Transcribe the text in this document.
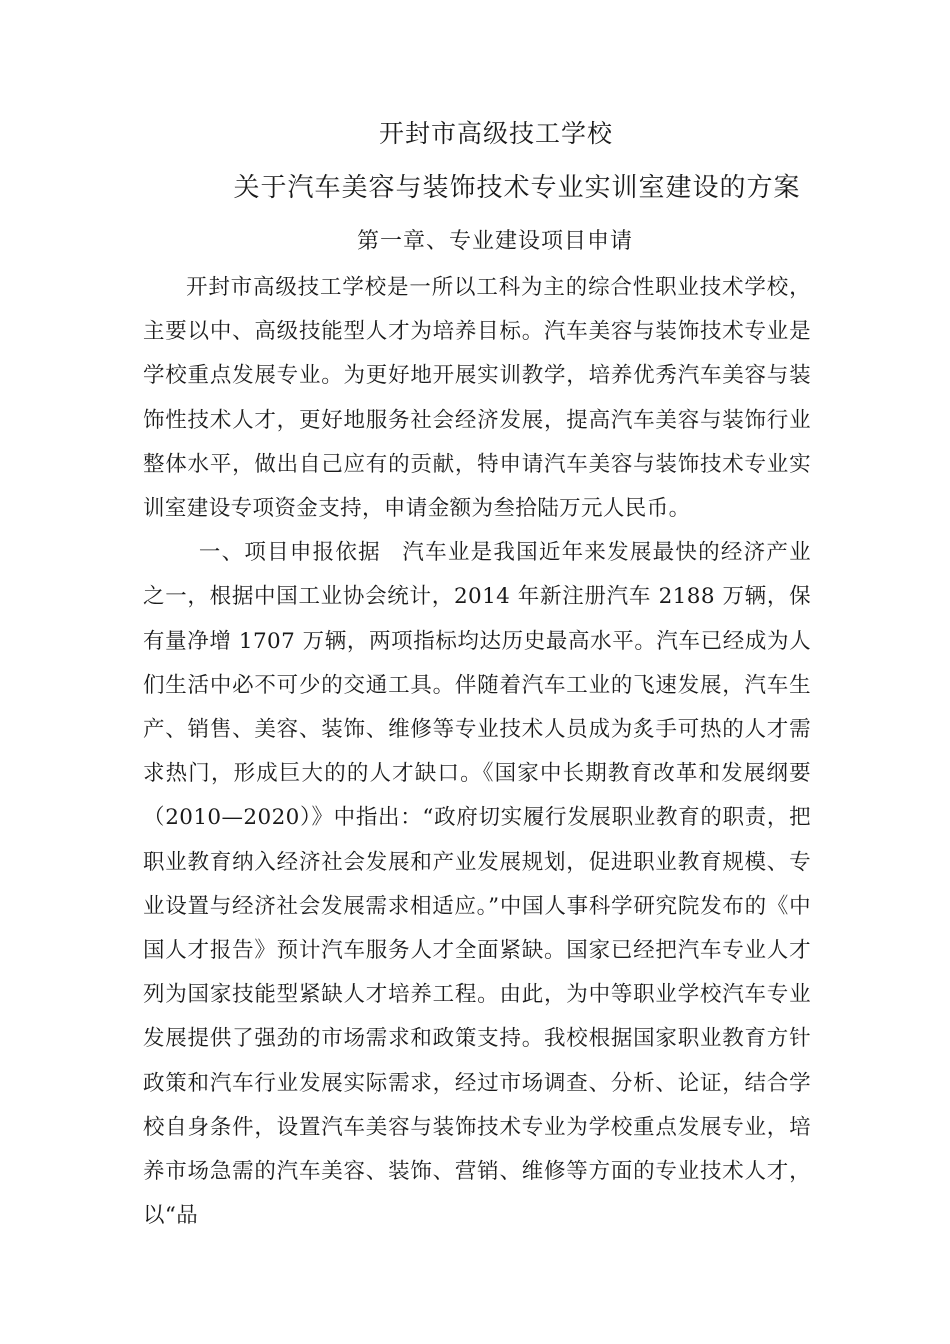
开封市高级技工学校
关于汽车美容与装饰技术专业实训室建设的方案
第一章、专业建设项目申请

开封市高级技工学校是一所以工科为主的综合性职业技术学校，主要以中、高级技能型人才为培养目标。汽车美容与装饰技术专业是学校重点发展专业。为更好地开展实训教学，培养优秀汽车美容与装饰性技术人才，更好地服务社会经济发展，提高汽车美容与装饰行业整体水平，做出自己应有的贡献，特申请汽车美容与装饰技术专业实训室建设专项资金支持，申请金额为叁拾陆万元人民币。

一、项目申报依据 汽车业是我国近年来发展最快的经济产业之一，根据中国工业协会统计，2014 年新注册汽车 2188 万辆，保有量净增 1707 万辆，两项指标均达历史最高水平。汽车已经成为人们生活中必不可少的交通工具。伴随着汽车工业的飞速发展，汽车生产、销售、美容、装饰、维修等专业技术人员成为炙手可热的人才需求热门，形成巨大的的人才缺口。《国家中长期教育改革和发展纲要（2010—2020）》中指出：“政府切实履行发展职业教育的职责，把职业教育纳入经济社会发展和产业发展规划，促进职业教育规模、专业设置与经济社会发展需求相适应。”中国人事科学研究院发布的《中国人才报告》预计汽车服务人才全面紧缺。国家已经把汽车专业人才列为国家技能型紧缺人才培养工程。由此，为中等职业学校汽车专业发展提供了强劲的市场需求和政策支持。我校根据国家职业教育方针政策和汽车行业发展实际需求，经过市场调查、分析、论证，结合学校自身条件，设置汽车美容与装饰技术专业为学校重点发展专业，培养市场急需的汽车美容、装饰、营销、维修等方面的专业技术人才，以“品
